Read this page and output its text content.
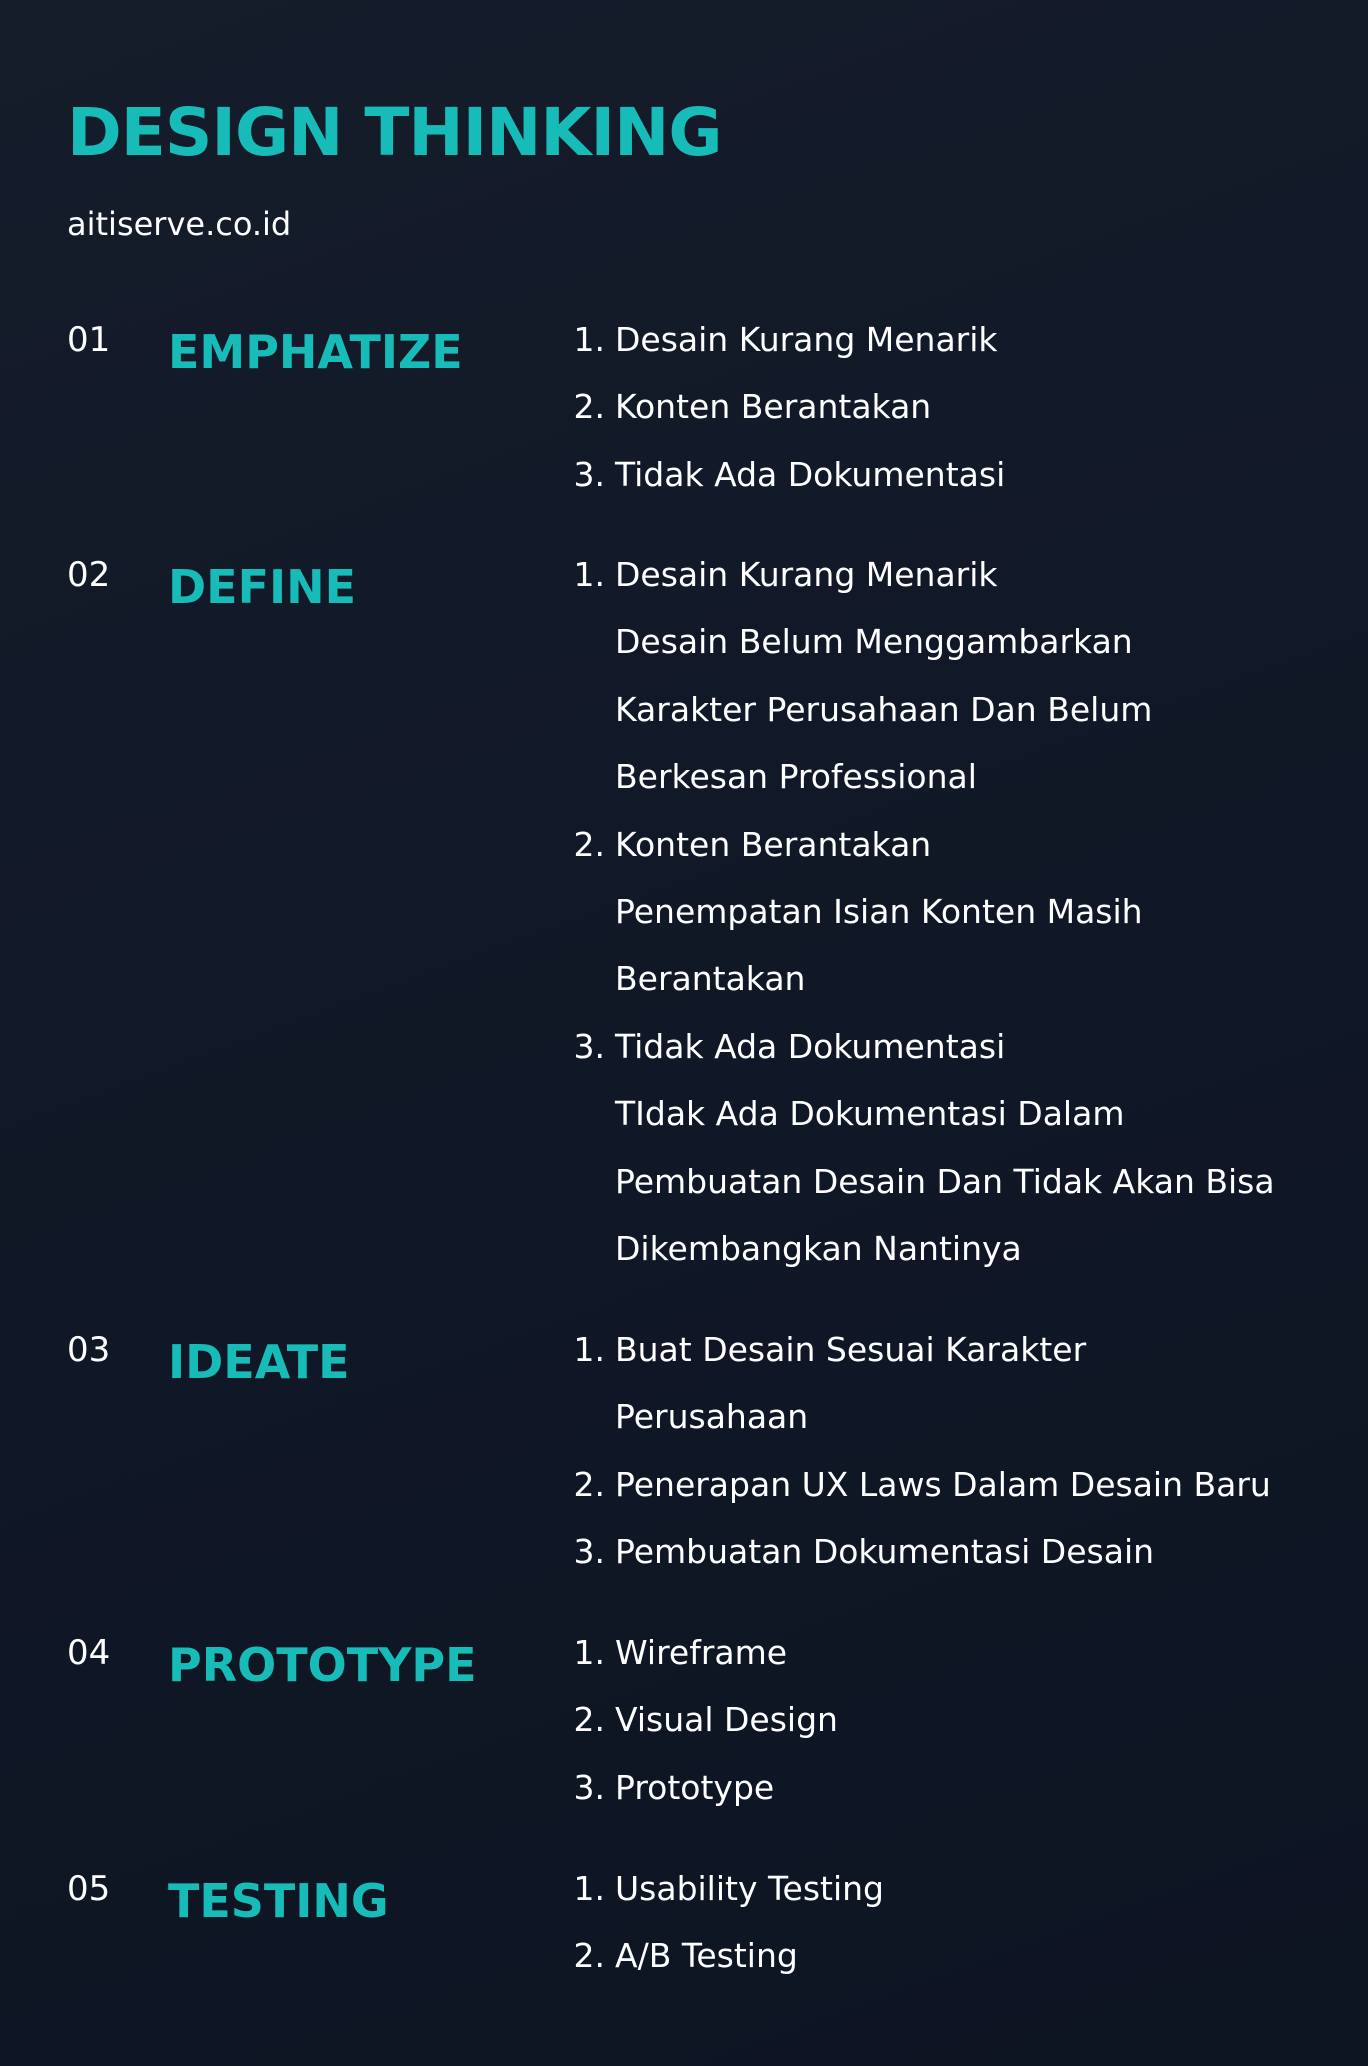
DESIGN THINKING

aitiserve.co.id

01 EMPHATIZE	1. Desain Kurang Menarik
2. Konten Berantakan
3. Tidak Ada Dokumentasi
02 DEFINE	1. Desain Kurang Menarik
Desain Belum Menggambarkan
Karakter Perusahaan Dan Belum
Berkesan Professional
2. Konten Berantakan
Penempatan Isian Konten Masih
Berantakan
3. Tidak Ada Dokumentasi
TIdak Ada Dokumentasi Dalam
Pembuatan Desain Dan Tidak Akan Bisa
Dikembangkan Nantinya
03 IDEATE	1. Buat Desain Sesuai Karakter
Perusahaan
2. Penerapan UX Laws Dalam Desain Baru
3. Pembuatan Dokumentasi Desain
04 PROTOTYPE	1. Wireframe
2. Visual Design
3. Prototype
05 TESTING	1. Usability Testing
2. A/B Testing
